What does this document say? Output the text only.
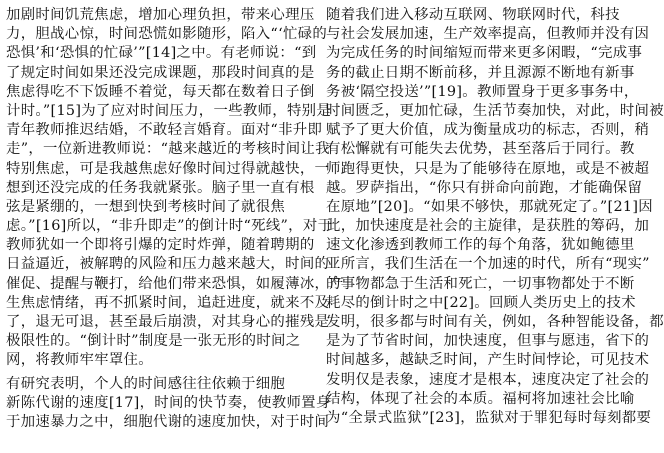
加剧时间饥荒焦虑，增加心理负担，带来心理压
力，胆战心惊，时间恐慌如影随形，陷入“‘忙碌的
恐惧’和‘恐惧的忙碌’”[14]之中。有老师说：“到
了规定时间如果还没完成课题，那段时间真的是
焦虑得吃不下饭睡不着觉，每天都在数着日子倒
计时。”[15]为了应对时间压力，一些教师，特别是
青年教师推迟结婚，不敢轻言婚育。面对“非升即
走”，一位新进教师说：“越来越近的考核时间让我
特别焦虑，可是我越焦虑好像时间过得就越快，一
想到还没完成的任务我就紧张。脑子里一直有根
弦是紧绷的，一想到快到考核时间了就很焦
虑。”[16]所以，“非升即走”的倒计时“死线”，对于
教师犹如一个即将引爆的定时炸弹，随着聘期的
日益逼近，被解聘的风险和压力越来越大，时间的
催促、提醒与鞭打，给他们带来恐惧，如履薄冰，产
生焦虑情绪，再不抓紧时间，追赶进度，就来不及
了，退无可退，甚至最后崩溃，对其身心的摧残是
极限性的。“倒计时”制度是一张无形的时间之
网，将教师牢牢罩住。
有研究表明，个人的时间感往往依赖于细胞
新陈代谢的速度[17]，时间的快节奏，使教师置身
于加速暴力之中，细胞代谢的速度加快，对于时间
随着我们进入移动互联网、物联网时代，科技
与社会发展加速，生产效率提高，但教师并没有因
为完成任务的时间缩短而带来更多闲暇，“完成事
务的截止日期不断前移，并且源源不断地有新事
务被‘隔空投送’”[19]。教师置身于更多事务中，
时间匮乏，更加忙碌，生活节奏加快，对此，时间被
赋予了更大价值，成为衡量成功的标志，否则，稍
有松懈就有可能失去优势，甚至落后于同行。教
师跑得更快，只是为了能够待在原地，或是不被超
越。罗萨指出，“你只有拼命向前跑，才能确保留
在原地”[20]。“如果不够快，那就死定了。”[21]因
此，加快速度是社会的主旋律，是获胜的筹码，加
速文化渗透到教师工作的每个角落，犹如鲍德里
亚所言，我们生活在一个加速的时代，所有“现实”
的事物都急于生活和死亡，一切事物都处于不断
耗尽的倒计时之中[22]。回顾人类历史上的技术
发明，很多都与时间有关，例如，各种智能设备，都
是为了节省时间，加快速度，但事与愿违，省下的
时间越多，越缺乏时间，产生时间悖论，可见技术
发明仅是表象，速度才是根本，速度决定了社会的
结构，体现了社会的本质。福柯将加速社会比喻
为“全景式监狱”[23]，监狱对于罪犯每时每刻都要
